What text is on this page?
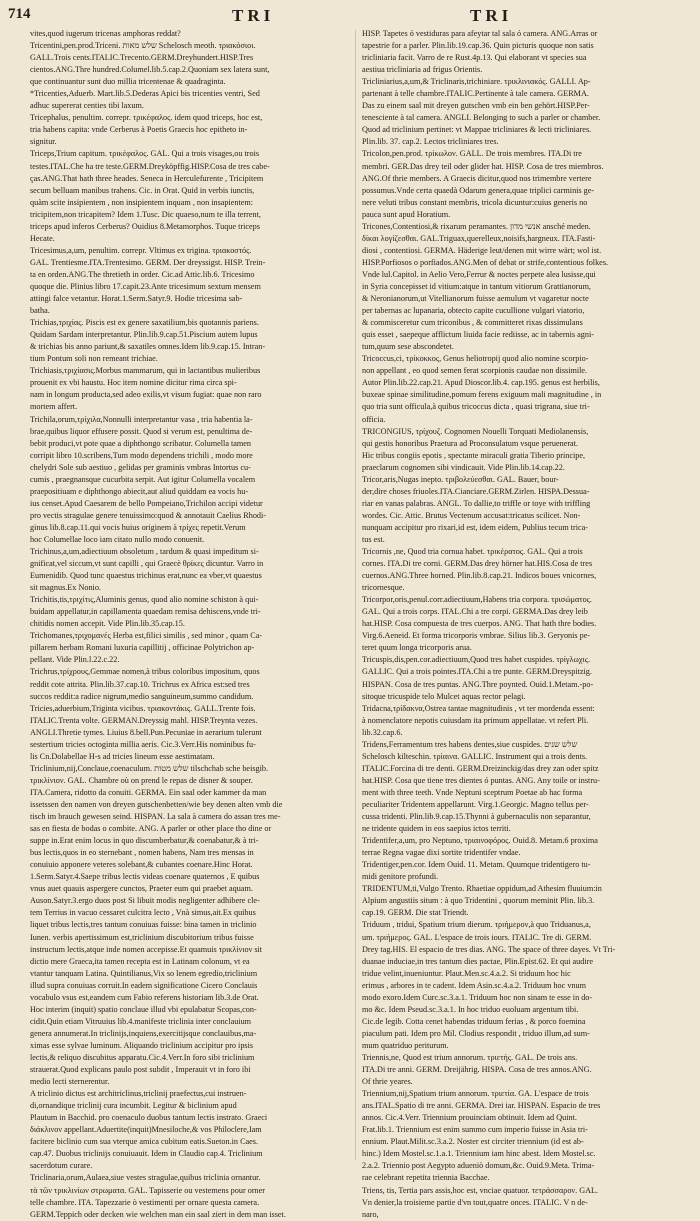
714	TRI	TRI
vites,quod iugerum tricenas amphoras reddat?
Tricentini,pen.prod.Triceni. שלש מאות Schelosch meoth. τριακόσιοι.
GALL.Trois cents.ITALIC.Trecento.GERM.Dreyhundert.HISP.Tres
cientos.ANG.Thre hundred.Columel.lib.5.cap.2.Quoniam sex latera sunt,
que continuantur sunt duo millia tricentenae & quadraginta.
*Tricenties,Aduerb. Mart.lib.5.Dederas Apici bis tricenties ventri, Sed
adhuc supererat centies tibi laxum.
Tricephalus, penultim. correpr. τρικέφαλος. idem quod triceps, hoc est,
tria habens capita: vnde Cerberus à Poetis Graecis hoc epitheto in-
signitur.
Triceps,Trium capitum. τρικέφαλος. GAL. Qui a trois visages,ou trois
testes.ITAL.Che ha tre teste.GERM.Dreyköpffig.HISP.Cosa de tres cabe-
ças.ANG.That hath three heades. Seneca in Herculefurente , Tricipitem
secum belluam manibus trahens. Cic. in Orat. Quid in verbis iunctis,
quàm scite insipientem , non insipientem inquam , non insapientem:
tricipitem,non tricapitem? Idem 1.Tusc. Dic quaeso,num te illa terrent,
triceps apud inferos Cerberus? Ouidius 8.Metamorphos. Tuque triceps
Hecate.
Tricesimus,a,um, penultim. correpr. Vltimus ex trigina. τριακοστός.
GAL. Trentiesme.ITA.Trentesimo. GERM. Der dreyssigst. HISP. Trein-
ta en orden.ANG.The thretieth in order. Cic.ad Attic.lib.6. Tricesimo
quoque die. Plinius libro 17.capit.23.Ante tricesimum sextum mensem
attingi falce vetantur. Horat.1.Serm.Satyr.9. Hodie tricesima sab-
batha.
Trichias,τριχίας. Piscis est ex genere saxatilium,bis quotannis pariens.
Quidam Sardam interpretantur. Plin.lib.9.cap.51.Piscium autem lupus
& trichias bis anno pariunt,& saxatiles omnes.Idem lib.9.cap.15. Intran-
tium Pontum soli non remeant trichiae.
Trichiasis,τριχίασις.Morbus mammarum, qui in lactantibus mulieribus
prouenit ex vbi haustu. Hoc item nomine dicitur rima circa spi-
nam in longum producta,sed adeo exilis,vt visum fugiat: quae non raro
mortem affert.
Trichila,orum,τρίχιλα,Nonnulli interpretantur vasa , tria habentia la-
brae,quibus liquor effusere possit. Quod si verum est, penultima de-
bebit produci,vt pote quae a diphthongo scribatur. Columella tamen
corripit libro 10.scribens,Tum modo dependens trichili , modo more
chelydri Sole sub aestiuo , gelidas per graminis vmbras Intortus cu-
cumis , praegnansque cucurbita serpit. Aut igitur Columella vocalem
praepositiuam e diphthongo abiecit,aut aliud quiddam ea vocis hu-
ius censet.Apud Caesarem de bello Pompeiano,Trichilon accipi videtur
pro vectis stragulae genere tenuissimo:quod & annotauit Caelius Rhodi-
ginus lib.8.cap.11.qui vocis huius originem à τρίχες repetit.Verum
hoc Columellae loco iam citato nullo modo conuenit.
Trichinus,a,um,adiectiuum obsoletum , tardum & quasi impeditum si-
gnificat,vel siccum,vt sunt capilli , qui Graecè θρίκες dicuntur. Varro in
Eumenidib. Quod tunc quaestus trichinus erat,nunc ea vber,vt quaestus
sit magnus.Ex Nonio.
Trichitis,tis,τριχίτις,Aluminis genus, quod alio nomine schiston à qui-
buidam appellatur,in capillamenta quaedam remisa dehiscens,vnde tri-
chitidis nomen accepit. Vide Plin.lib.35.cap.15.
Trichomanes,τριχομανές Herba est,filici similis , sed minor , quam Ca-
pillarem herbam Romani luxuria capillitij , officinae Polytrichon ap-
pellant. Vide Plin.l.22.c.22.
Trichrus,τρίχρους,Gemmae nomen,à tribus coloribus impositum, quos
reddit cote attrita. Plin.lib.37.cap.10. Trichrus ex Africa est:sed tres
succos reddit:a radice nigrum,medio sanguineum,summo candidum.
Tricies,aduerbium,Triginta vicibus. τριακοντάκις. GALL.Trente fois.
ITALIC.Trenta volte. GERMAN.Dreyssig mahl. HISP.Treynta vezes.
ANGLI.Thretie tymes. Liuius 8.bell.Pun.Pecuniae in aerarium tulerunt
sestertium tricies octoginta millia aeris. Cic.3.Verr.His nominibus fu-
lis Cn.Dolabellae H-s ad tricies lineum esse aestimatam.
Triclinium,nij,Conclaue,coenaculum. שלש מטות tilschchab sche beisgib.
τρικλίνιον. GAL. Chambre où on prend le repas de disner & souper.
ITA.Camera, ridotto da conuiti. GERMA. Ein saal oder kammer da man
issetssen den namen von dreyen gutschenbetten/wie bey denen alten vmb die
tisch im brauch gewesen seind. HISPAN. La sala à camera do assan tres me-
sas en fiesta de bodas o combite. ANG. A parler or other place tho dine or
suppe in.Erat enim locus in quo discumberbatur,& coenabatur,& à tri-
bus lectis,quos in eo sternebant , nomen habens, Nam tres mensas in
conuiuio apponere veteres solebant,& cubantes coenare.Hinc Horat.
1.Serm.Satyr.4.Saepe tribus lectis videas coenare quaternos , E quibus
vnus auet quauis aspergere cunctos, Praeter eum qui praebet aquam.
Auson.Satyr.3.ergo duos post Si libuit modis negligenter adhibere cle-
tem Terrius in vacuo cessaret culcitra lecto , Vnà simus,ait.Ex quibus
liquet tribus lectis,tres tantum conuiuas fuisse: bina tamen in triclinio
Iunen. verbis apertissimum est,triclinium discubitorium tribus fuisse
instructum lectis,atque inde nomen accepisse.Et quamuis τρικλίνιον sit
dictio mere Graeca,ita tamen recepta est in Latinam colonum, vt ea
vtantur tanquam Latina. Quintilianus,Vix so lenem egredio,triclinium
illud supra conuiuas corruit.In eadem significatione Cicero Conclauis
vocabulo vsus est,eandem cum Fabio referens historiam lib.3.de Orat.
Hoc interim (inquit) spatio conclaue illud vbi epulabatur Scopas,con-
cidit.Quin etiam Vitruuius lib.4.manifeste triclinia inter conclauium
genera annumerat.In triclinijs,inquiens,exercitijsque conclauibus,ma-
ximas esse sylvae luminum. Aliquando triclinium accipitur pro ipsis
lectis,& reliquo discubitus apparatu.Cic.4.Verr.In foro sibi triclinium
strauerat.Quod explicans paulo post subdit , Imperauit vt in foro ibi
medio lecti sternerentur.
A triclinio dictus est architriclinus,triclinij praefectus,cui instruen-
di,ornandique triclinij cura incumbit. Legitur & biclinium apud
Plautum in Bacchid. pro coenaculo duobus tantum lectis instrato. Graeci
διάκλινον appellant.Aduertite(inquit)Mnesiloche,& vos Philoclere,Iam
facitere biclinio cum sua vterque amica cubitum eatis.Sueton.in Caes.
cap.47. Duobus triclinijs conuiuauit. Idem in Claudio cap.4. Triclinium
sacerdotum curare.
Triclinaria,orum,Aulaea,siue vestes stragulae,quibus triclinia ornantur.
τὰ τῶν τρικλινίων στρωματα. GAL. Tapisserie ou vestemens pour orner
telle chambre. ITA. Tapezzarie ò vestimenti per ornare questa camera.
GERM.Teppich oder decken wie welchen man ein saal ziert in dem man isset.
HISP. Tapetes ó vestiduras para afeytar tal sala ó camera. ANG.Arras or
tapestrie for a parler. Plin.lib.19.cap.36. Quin picturis quoque non satis
tricliniaria facit. Varro de re Rust.4p.13. Qui elaborant vt species sua
aestiua tricliniaria ad frigus Orientis.
Tricliniarius,a,um,& Triclinaris,trichiniare. τρικλινιακός. GALLI. Ap-
partenant à telle chambre.ITALIC.Pertinente à tale camera. GERMA.
Das zu einem saal mit dreyen gutschen vmb ein ben gehört.HISP.Per-
tenesciente à tal camera. ANGLI. Belonging to such a parler or chamber.
Quod ad triclinium pertinet: vt Mappae tricliniares & lecti tricliniares.
Plin.lib. 37. cap.2. Lectos tricliniares tres.
Tricolon,pen.prod. τρίκωλον. GALL. De trois membres. ITA.Di tre
membri. GER.Das drey teil oder glider hat. HISP. Cosa de tres miembros.
ANG.Of thrie members. A Graecis dicitur,quod nos trimembre vertere
possumus.Vnde certa quaedà Odarum genera,quae triplici carminis ge-
nere veluti tribus constant membris, tricola dicuntur:cuius generis no
pauca sunt apud Horatium.
Tricones,Contentiosi,& rixarum peramantes. אנשי מדון ansché meden.
δίκαι λογίζεσθαι. GAL.Triguax,querelleux,noisifs,hargneux. ITA.Fasti-
diosi , contentiosi. GERMA. Häderige leut/denen mit wirre wärt; wol ist.
HISP.Porfiosos o porfiados.ANG.Men of debat or strife,contentious folkes.
Vnde lul.Capitol. in Aelio Vero,Ferrur & noctes perpete alea lusisse,qui
in Syria concepisset id vitium:atque in tantum vitiorum Grattianorum,
& Neronianorum,ut Vitellianorum fuisse aemulum vt vagaretur nocte
per tabernas ac lupanaria, obtecto capite cucullione vulgari viatorio,
& commisceretur cum triconibus , & committeret rixas dissimulans
quis esset , saepeque afflictum liuida facie rediisse, ac in tabernis agni-
tum,quum sese abscondetet.
Tricoccus,ci, τρίκοκκος, Genus heliotropij quod alio nomine scorpio-
non appellant , eo quod semen ferat scorpionis caudae non dissimile.
Autor Plin.lib.22.cap.21. Apud Dioscor.lib.4. cap.195. genus est herbilis,
buxeae spinae similitudine,pomum ferens exiguum mali magnitudine , in
quo tria sunt officula,à quibus tricoccus dicta , quasi trigrana, siue tri-
officia.
TRICONGIUS, τρίχουζ. Cognomen Nouelli Torquati Mediolanensis,
qui gestis honoribus Praetura ad Proconsulatum vsque peruenerat.
Hic tribus congiis epotis , spectante miraculi gratia Tiberio principe,
praeclarum cognomen sibi vindicauit. Vide Plin.lib.14.cap.22.
Tricor,aris,Nugas inepto. τριβολεύεσθαι. GAL. Bauer, bour-
der,dire choses friuoles.ITA.Cianciare.GERM.Zirlen. HISPA.Dessua-
riar en vanas palabras. ANGL. To dallie,to triffle or toye with triffling
wordes. Cic. Attic. Brutus Vectenum accusat:tricatus scilicet. Non-
nunquam accipitur pro rixari,id est, idem eidem, Publius tecum trica-
tus est.
Tricornis ,ne, Quod tria cornua habet. τρικέρατος. GAL. Qui a trois
cornes. ITA.Di tre corni. GERM.Das drey hörner hat.HIS.Cosa de tres
cuernos.ANG.Three horned. Plin.lib.8.cap.21. Indicos boues vnicornes,
tricornesque.
Tricorpor,oris,penul.corr.adiectiuum,Habens tria corpora. τρισώματος.
GAL. Qui a trois corps. ITAL.Chi a tre corpi. GERMA.Das drey leib
hat.HISP. Cosa compuesta de tres cuerpos. ANG. That hath thre bodies.
Virg.6.Aeneid. Et forma tricorporis vmbrae. Silius lib.3. Geryonis pe-
teret quum longa tricorporis arua.
Tricuspis,dis,pen.cor.adiectiuum,Quod tres habet cuspides. τρίγλωχις.
GALLIC. Qui a trois pointes.ITA.Chi a tre punte. GERM.Dreyspitzig.
HISPAN. Cosa de tres puntas. ANG.Thre poynted. Ouid.1.Metam.-po-
sitoque tricuspide telo Mulcet aquas rector pelagi.
Tridacna,τρίδακνα,Ostrea tantae magnitudinis , vt ter mordenda essent:
à nomenclatore nepotis cuiusdam ita primum appellatae. vt refert Pli.
lib.32.cap.6.
Tridens,Ferramentum tres habens dentes,siue cuspides. שלש שנים
Schelosch kilteschin. τρίαινα. GALLIC. Instrument qui a trois dents.
ITALIC.Forcina di tre denti. GERM.Dreizinckig/das drey zan oder spitz
hat.HISP. Cosa que tiene tres dientes ó puntas. ANG. Any toile or instru-
ment with three teeth. Vnde Neptuni sceptrum Poetae ab hac forma
peculiariter Tridentem appellarunt. Virg.1.Georgic. Magno tellus per-
cussa tridenti. Plin.lib.9.cap.15.Thynni à gubernaculis non separantur,
ne tridente quidem in eos saepius ictos territi.
Tridentifer,a,um, pro Neptuno, τριαινοφόρος. Ouid.8. Metam.6 proxima
terrae Regna vagae dixi sortite tridentifer vndae.
Tridentiger,pen.cor. Idem Ouid. 11. Metam. Quumque tridentigero tu-
midi genitore profundi.
TRIDENTUM,ti,Vulgo Trento. Rhaetiae oppidum,ad Athesim fluuium:in
Alpium angustiis situm : à quo Tridentini , quorum meminit Plin. lib.3.
cap.19. GERM. Die stat Triendt.
Triduum , tridui, Spatium trium dierum. τριήμερον,à quo Triduanus,a,
um. τριήμερος. GAL. L'espace de trois iours. ITALIC. Tre di. GERM.
Drey tag.HIS. El espacio de tres dias. ANG. The space of three dayes. Vt Tri-
duanae induciae,in tres tantum dies pactae, Plin.Epist.62. Et qui audire
tridue velint,inueniuntur. Plaut.Men.sc.4.a.2. Si triduum hoc hic
erimus , arbores in te cadent. Idem Asin.sc.4.a.2. Triduum hoc vnum
modo exoro.Idem Curc.sc.3.a.1. Triduum hoc non sinam te esse in do-
mo &c. Idem Pseud.sc.3.a.1. In hoc triduo euoluam argentum tibi.
Cic.de legib. Cotta cenet habendas triduum ferias , & porco foemina
piaculum pati. Idem pro Mil. Clodius respondit , triduo illum,ad sum-
mum quatriduo periturum.
Triennis,ne, Quod est trium annorum. τριετής. GAL. De trois ans.
ITA.Di tre anni. GERM. Dreijährig. HISPA. Cosa de tres annos.ANG.
Of thrie yeares.
Triennium,nij,Spatium trium annorum. τριετία. GA. L'espace de trois
ans.ITAL.Spatio di tre anni. GERMA. Drei iar. HISPAN. Espacio de tres
annos. Cic.4.Verr. Triennium prouinciam obtinuit. Idem ad Quint.
Frat.lib.1. Triennium est enim summo cum imperio fuisse in Asia tri-
ennium. Plaut.Milit.sc.3.a.2. Noster est circiter triennium (id est ab-
hinc.) Idem Mostel.sc.1.a.1. Triennium iam hinc abest. Idem Mostel.sc.
2.a.2. Triennio post Aegypto adueniò domum,&c. Ouid.9.Meta. Trima-
rae celebrant repetita triennia Bacchae.
Triens, tis, Tertia pars assis,hoc est, vnciae quatuor. τετράσσαρον. GAL.
Vn denier,la troisieme partie d'vn tout,quatre onces. ITALIC. V n de-
naro,
